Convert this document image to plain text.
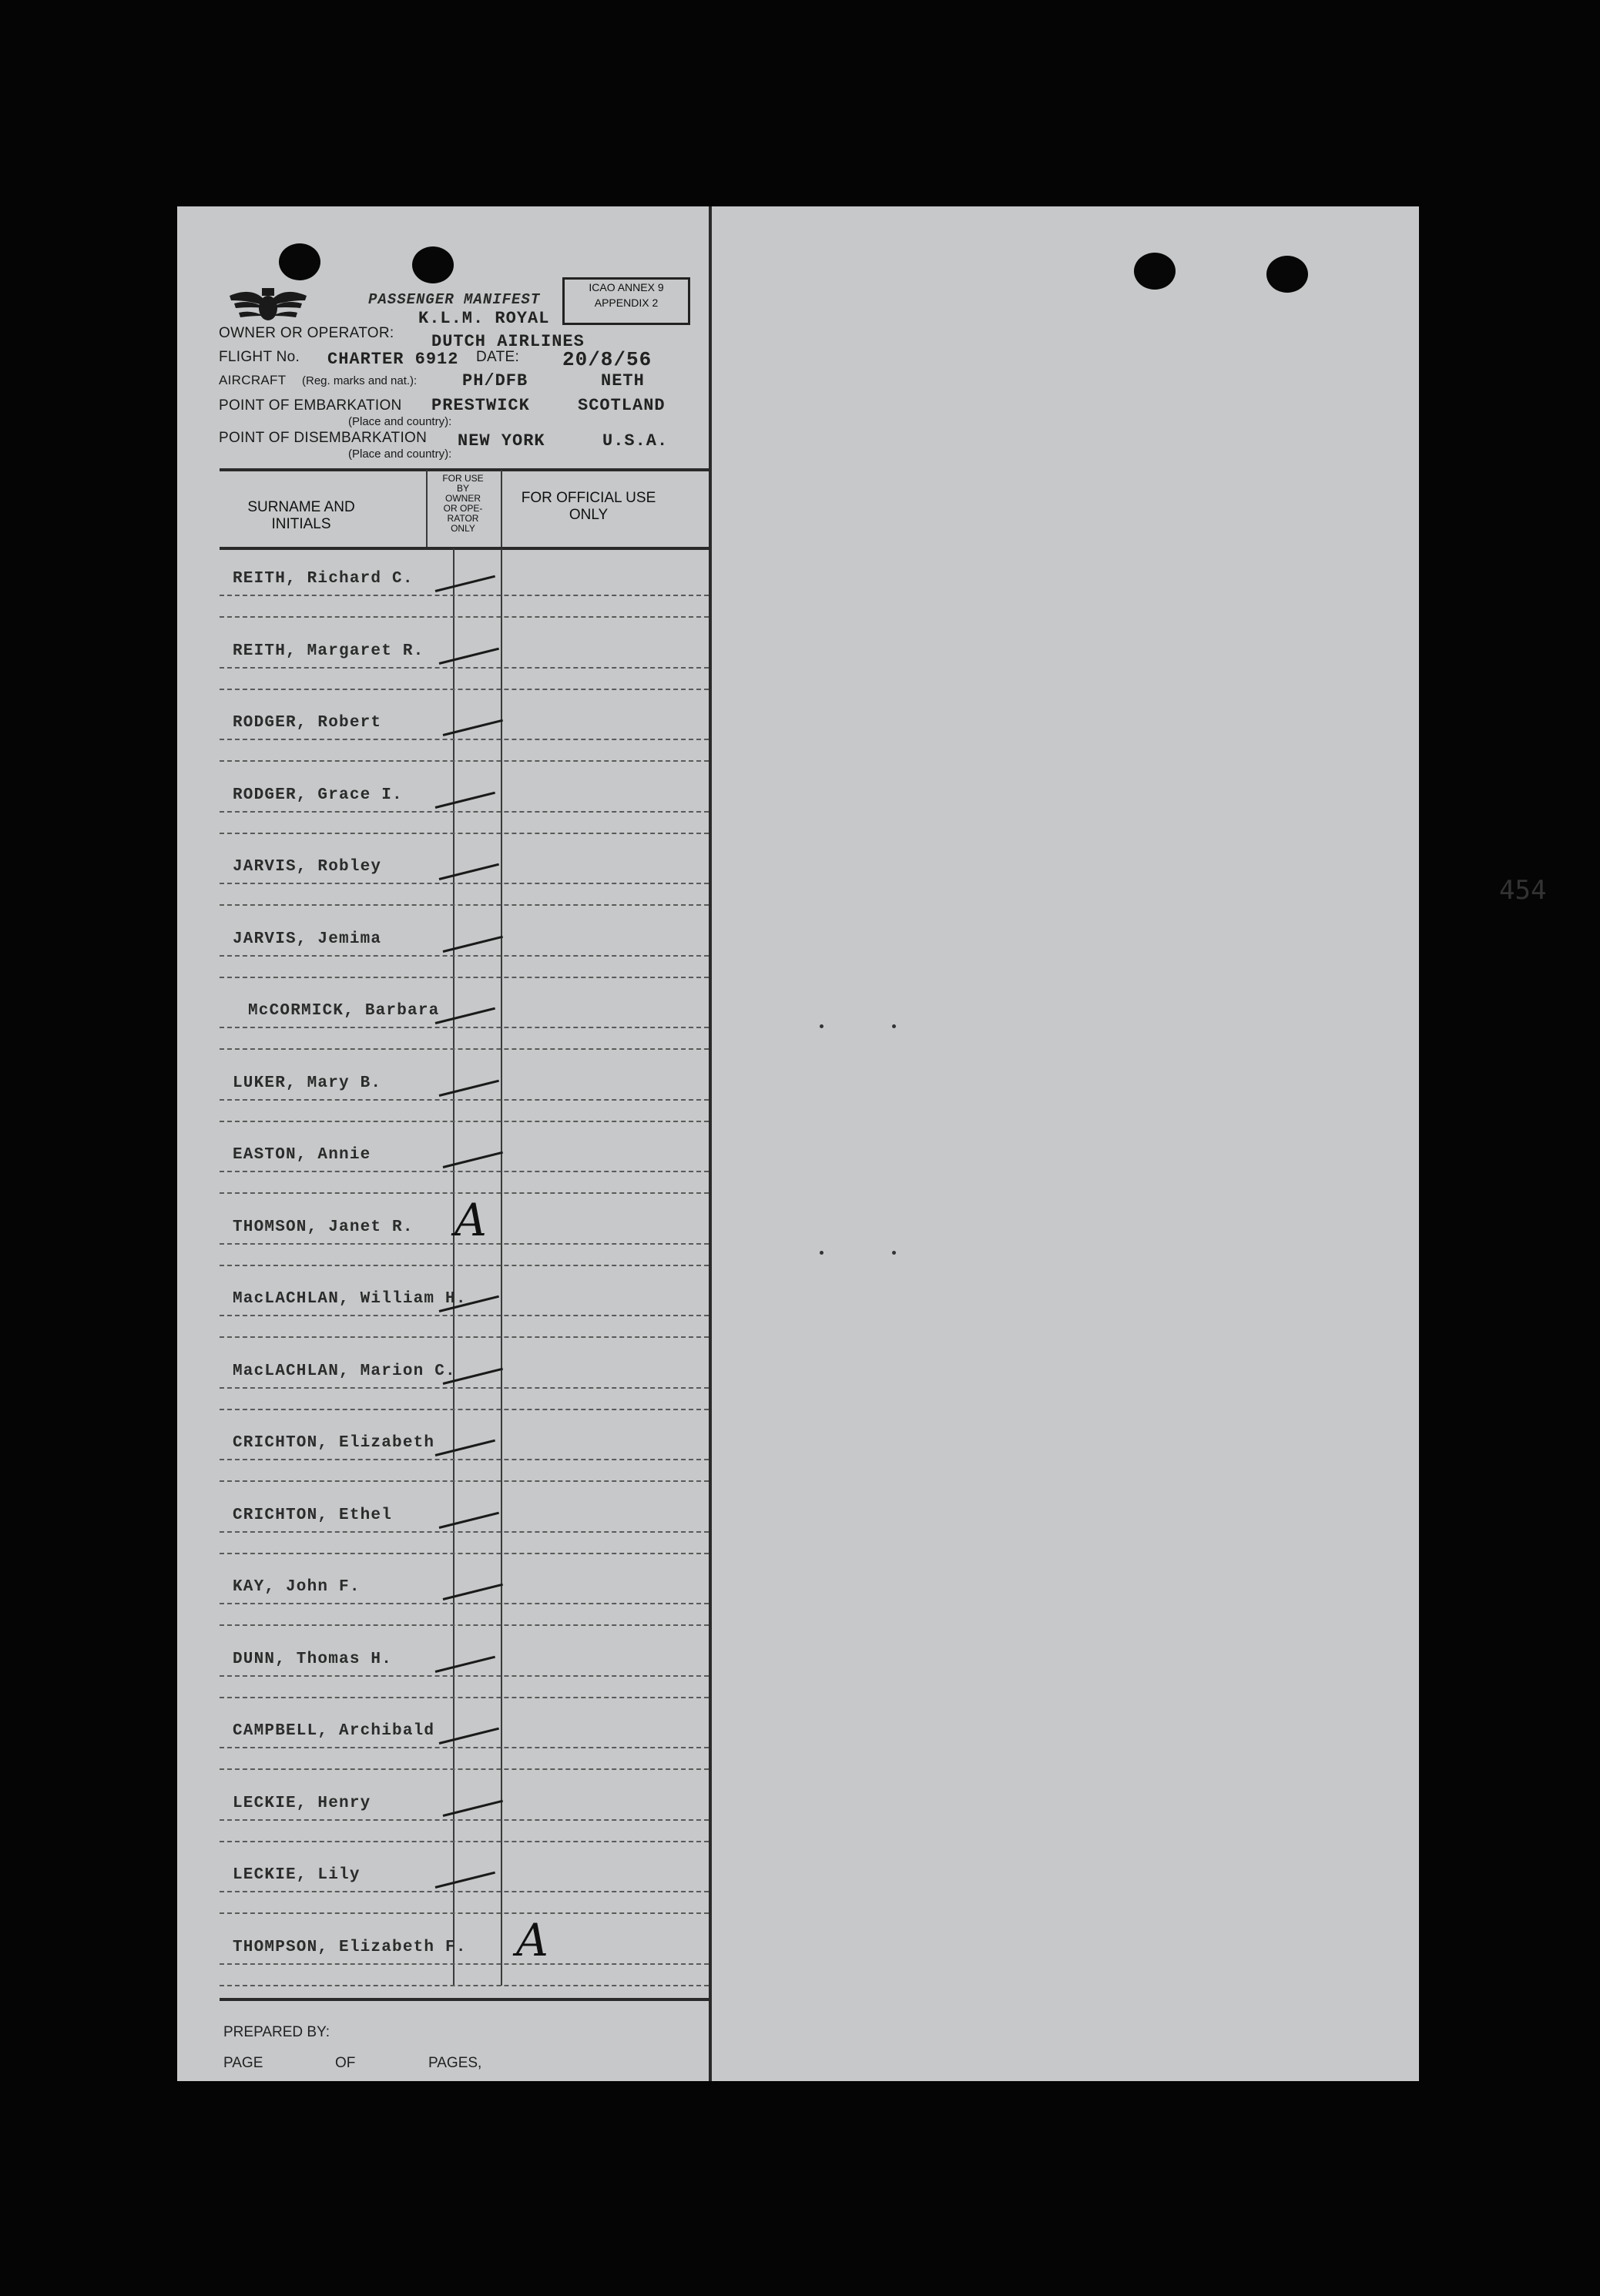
454
PASSENGER MANIFEST
ICAO ANNEX 9
APPENDIX 2
K.L.M. ROYAL
OWNER OR OPERATOR: DUTCH AIRLINES
FLIGHT No. CHARTER 6912 DATE: 20/8/56
AIRCRAFT (Reg. marks and nat.):	PH/DFB	NETH
POINT OF EMBARKATION PRESTWICK	SCOTLAND
(Place and country):
POINT OF DISEMBARKATION NEW YORK	U.S.A.
(Place and country):
SURNAME AND INITIALS
FOR USE
BY
OWNER
OR OPE-
RATOR
ONLY
FOR OFFICIAL USE
ONLY
REITH, Richard C.
REITH, Margaret R.
RODGER, Robert
RODGER, Grace I.
JARVIS, Robley
JARVIS, Jemima
McCORMICK, Barbara
LUKER, Mary B.
EASTON, Annie
THOMSON, Janet R. A
MacLACHLAN, William H.
MacLACHLAN, Marion C.
CRICHTON, Elizabeth
CRICHTON, Ethel
KAY, John F.
DUNN, Thomas H.
CAMPBELL, Archibald
LECKIE, Henry
LECKIE, Lily
THOMPSON, Elizabeth F. A
PREPARED BY:
PAGE	OF	PAGES,
